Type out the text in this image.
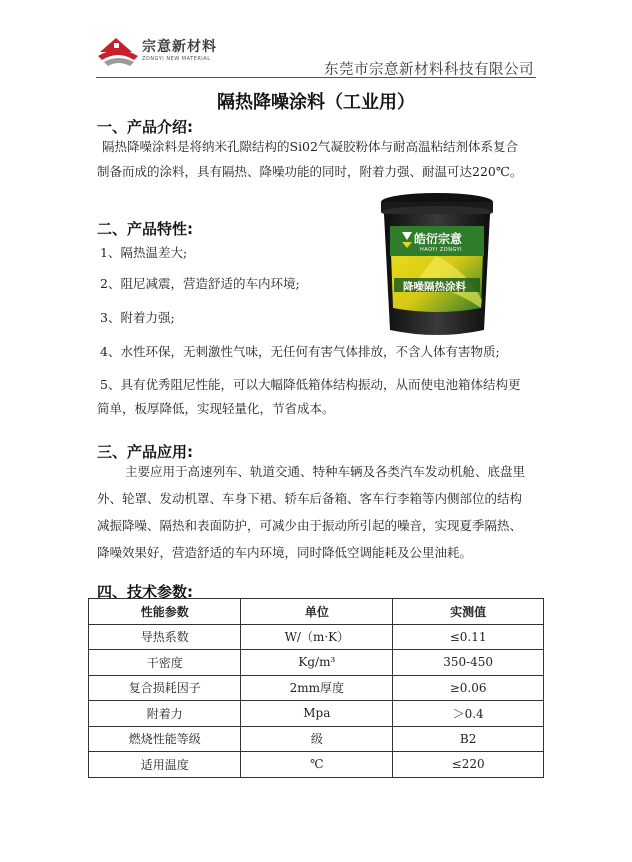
宗意新材料
ZONGYI NEW MATERIAL
东莞市宗意新材料科技有限公司
隔热降噪涂料（工业用）
一、产品介绍:
隔热降噪涂料是将纳米孔隙结构的Si02气凝胶粉体与耐高温粘结剂体系复合
制备而成的涂料，具有隔热、降噪功能的同时，附着力强、耐温可达220℃。
二、产品特性:
1、隔热温差大;
2、阻尼减震，营造舒适的车内环境;
3、附着力强;
4、水性环保，无刺激性气味，无任何有害气体排放，不含人体有害物质;
5、具有优秀阻尼性能，可以大幅降低箱体结构振动，从而使电池箱体结构更
简单，板厚降低，实现轻量化，节省成本。
皓衍宗意
HAOYI ZONGYI
降噪隔热涂料
三、产品应用:
主要应用于高速列车、轨道交通、特种车辆及各类汽车发动机舱、底盘里
外、轮罩、发动机罩、车身下裙、轿车后备箱、客车行李箱等内侧部位的结构
减振降噪、隔热和表面防护，可减少由于振动所引起的噪音，实现夏季隔热、
降噪效果好，营造舒适的车内环境，同时降低空调能耗及公里油耗。
四、技术参数:
性能参数	单位	实测值
导热系数	W/（m·K）	≤0.11
干密度	Kg/m³	350-450
复合损耗因子	2mm厚度	≥0.06
附着力	Mpa	＞0.4
燃烧性能等级	级	B2
适用温度	℃	≤220
